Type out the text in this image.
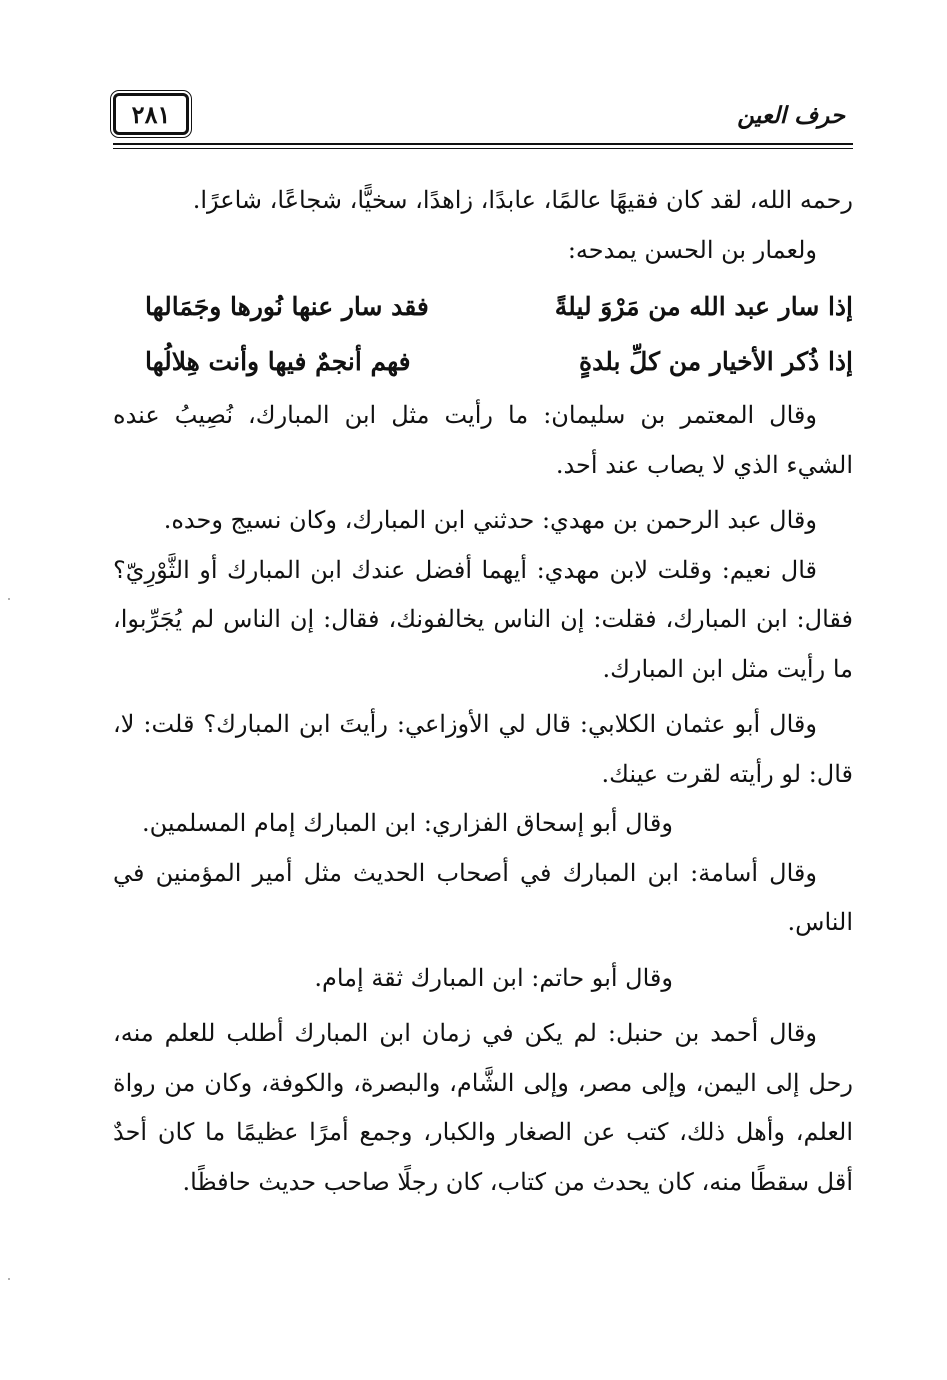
حرف العين
٢٨١

رحمه الله، لقد كان فقيهًا عالمًا، عابدًا، زاهدًا، سخيًّا، شجاعًا، شاعرًا.

ولعمار بن الحسن يمدحه:

إذا سار عبد الله من مَرْوَ ليلةً
فقد سار عنها نُورها وجَمَالها
إذا ذُكر الأخيار من كلِّ بلدةٍ
فهم أنجمٌ فيها وأنت هِلالُها

وقال المعتمر بن سليمان: ما رأيت مثل ابن المبارك، نُصِيبُ عنده الشيء الذي لا يصاب عند أحد.

وقال عبد الرحمن بن مهدي: حدثني ابن المبارك، وكان نسيج وحده.

قال نعيم: وقلت لابن مهدي: أيهما أفضل عندك ابن المبارك أو الثَّوْرِيّ؟ فقال: ابن المبارك، فقلت: إن الناس يخالفونك، فقال: إن الناس لم يُجَرِّبوا، ما رأيت مثل ابن المبارك.

وقال أبو عثمان الكلابي: قال لي الأوزاعي: رأيتَ ابن المبارك؟ قلت: لا، قال: لو رأيته لقرت عينك.

وقال أبو إسحاق الفزاري: ابن المبارك إمام المسلمين.

وقال أسامة: ابن المبارك في أصحاب الحديث مثل أمير المؤمنين في الناس.

وقال أبو حاتم: ابن المبارك ثقة إمام.

وقال أحمد بن حنبل: لم يكن في زمان ابن المبارك أطلب للعلم منه، رحل إلى اليمن، وإلى مصر، وإلى الشَّام، والبصرة، والكوفة، وكان من رواة العلم، وأهل ذلك، كتب عن الصغار والكبار، وجمع أمرًا عظيمًا ما كان أحدٌ أقل سقطًا منه، كان يحدث من كتاب، كان رجلًا صاحب حديث حافظًا.
